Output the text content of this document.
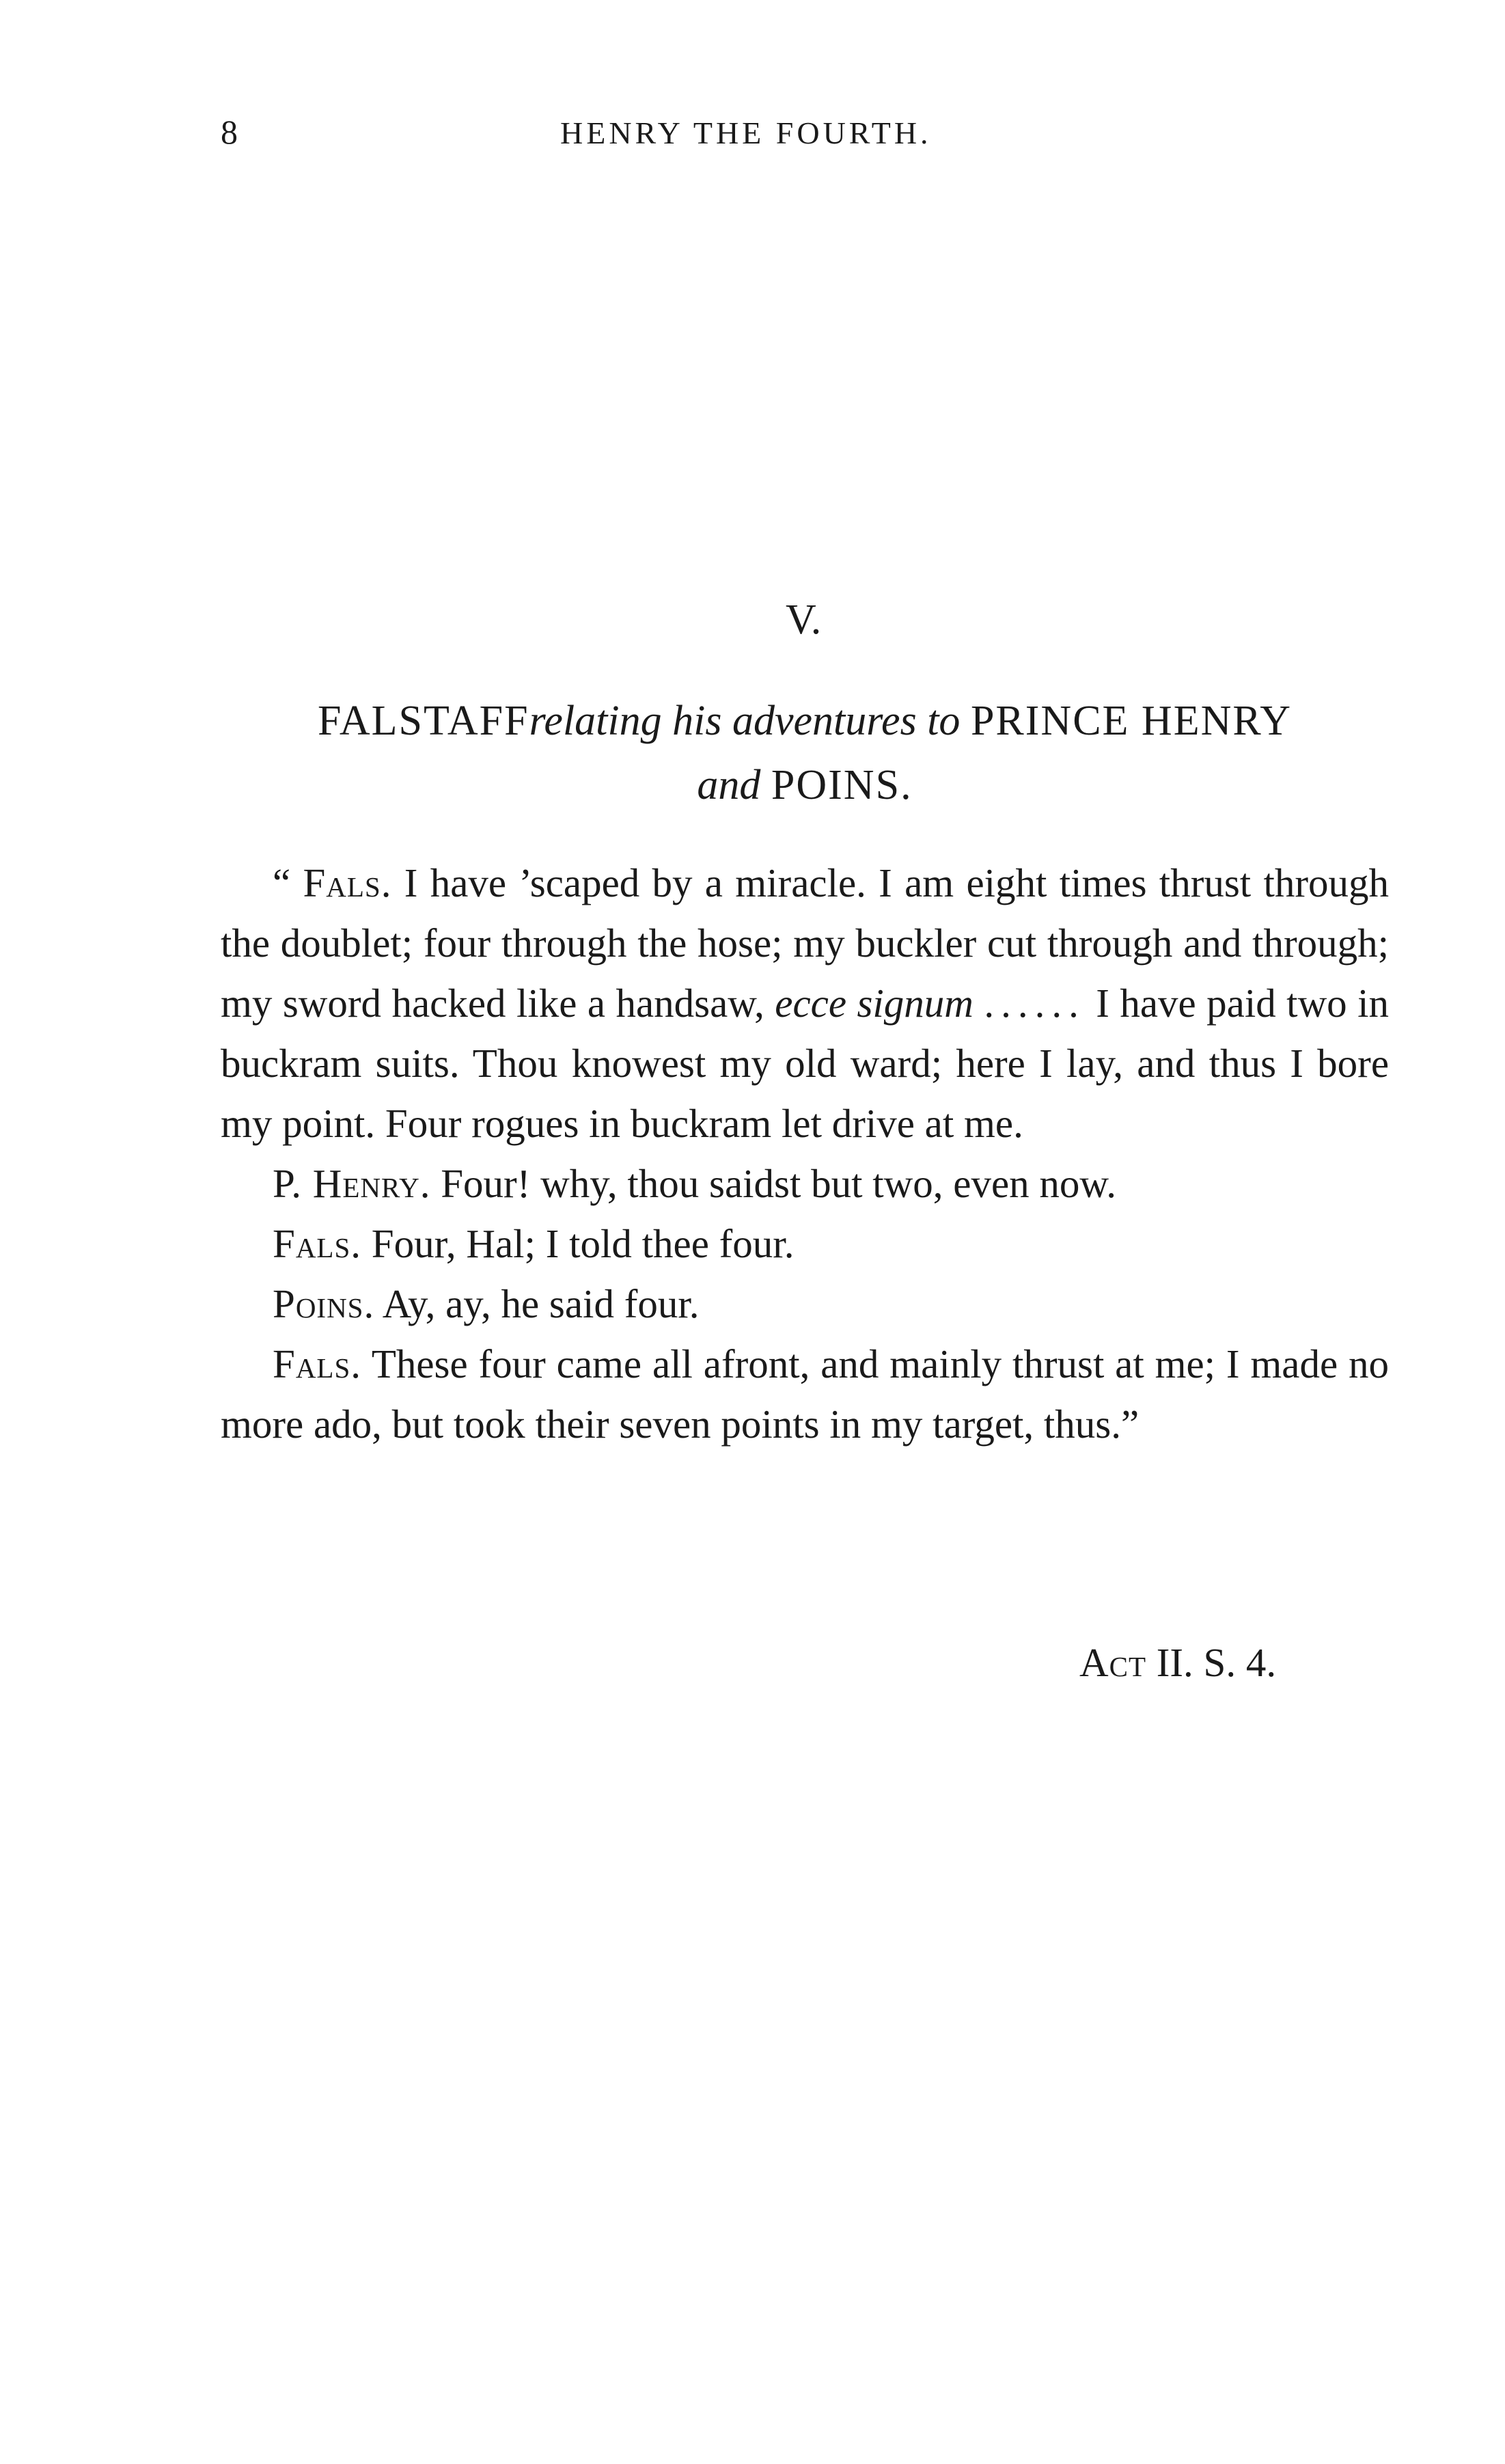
8	HENRY THE FOURTH.
V.
FALSTAFFrelating his adventures to PRINCE HENRY
and POINS.

“ Fals. I have ’scaped by a miracle. I am eight times thrust through the doublet; four through the hose; my buckler cut through and through; my sword hacked like a handsaw, ecce signum ...... I have paid two in buckram suits. Thou knowest my old ward; here I lay, and thus I bore my point. Four rogues in buckram let drive at me.

P. Henry. Four! why, thou saidst but two, even now.

Fals. Four, Hal; I told thee four.

Poins. Ay, ay, he said four.

Fals. These four came all afront, and mainly thrust at me; I made no more ado, but took their seven points in my target, thus.”

Act II. S. 4.
